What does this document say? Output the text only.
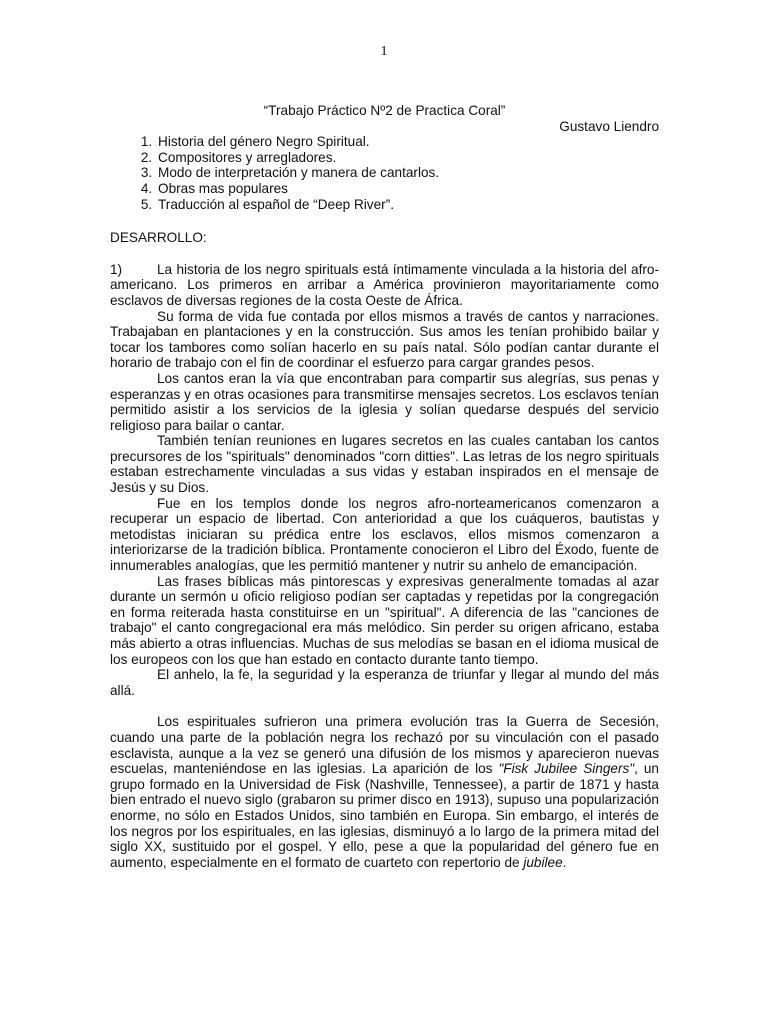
1
“Trabajo Práctico Nº2 de Practica Coral”
Gustavo Liendro
1. Historia del género Negro Spiritual.
2. Compositores y arregladores.
3. Modo de interpretación y manera de cantarlos.
4. Obras mas populares
5. Traducción al español de “Deep River”.
DESARROLLO:

1)	La historia de los negro spirituals está íntimamente vinculada a la historia del afro-americano. Los primeros en arribar a América provinieron mayoritariamente como esclavos de diversas regiones de la costa Oeste de África.

Su forma de vida fue contada por ellos mismos a través de cantos y narraciones. Trabajaban en plantaciones y en la construcción. Sus amos les tenían prohibido bailar y tocar los tambores como solían hacerlo en su país natal. Sólo podían cantar durante el horario de trabajo con el fin de coordinar el esfuerzo para cargar grandes pesos.

Los cantos eran la vía que encontraban para compartir sus alegrías, sus penas y esperanzas y en otras ocasiones para transmitirse mensajes secretos. Los esclavos tenían permitido asistir a los servicios de la iglesia y solían quedarse después del servicio religioso para bailar o cantar.

También tenían reuniones en lugares secretos en las cuales cantaban los cantos precursores de los "spirituals" denominados "corn ditties". Las letras de los negro spirituals estaban estrechamente vinculadas a sus vidas y estaban inspirados en el mensaje de Jesús y su Dios.

Fue en los templos donde los negros afro-norteamericanos comenzaron a recuperar un espacio de libertad. Con anterioridad a que los cuáqueros, bautistas y metodistas iniciaran su prédica entre los esclavos, ellos mismos comenzaron a interiorizarse de la tradición bíblica. Prontamente conocieron el Libro del Éxodo, fuente de innumerables analogías, que les permitió mantener y nutrir su anhelo de emancipación.

Las frases bíblicas más pintorescas y expresivas generalmente tomadas al azar durante un sermón u oficio religioso podían ser captadas y repetidas por la congregación en forma reiterada hasta constituirse en un "spiritual". A diferencia de las "canciones de trabajo" el canto congregacional era más melódico. Sin perder su origen africano, estaba más abierto a otras influencias. Muchas de sus melodías se basan en el idioma musical de los europeos con los que han estado en contacto durante tanto tiempo.

El anhelo, la fe, la seguridad y la esperanza de triunfar y llegar al mundo del más allá.

Los espirituales sufrieron una primera evolución tras la Guerra de Secesión, cuando una parte de la población negra los rechazó por su vinculación con el pasado esclavista, aunque a la vez se generó una difusión de los mismos y aparecieron nuevas escuelas, manteniéndose en las iglesias. La aparición de los "Fisk Jubilee Singers", un grupo formado en la Universidad de Fisk (Nashville, Tennessee), a partir de 1871 y hasta bien entrado el nuevo siglo (grabaron su primer disco en 1913), supuso una popularización enorme, no sólo en Estados Unidos, sino también en Europa. Sin embargo, el interés de los negros por los espirituales, en las iglesias, disminuyó a lo largo de la primera mitad del siglo XX, sustituido por el gospel. Y ello, pese a que la popularidad del género fue en aumento, especialmente en el formato de cuarteto con repertorio de jubilee.
